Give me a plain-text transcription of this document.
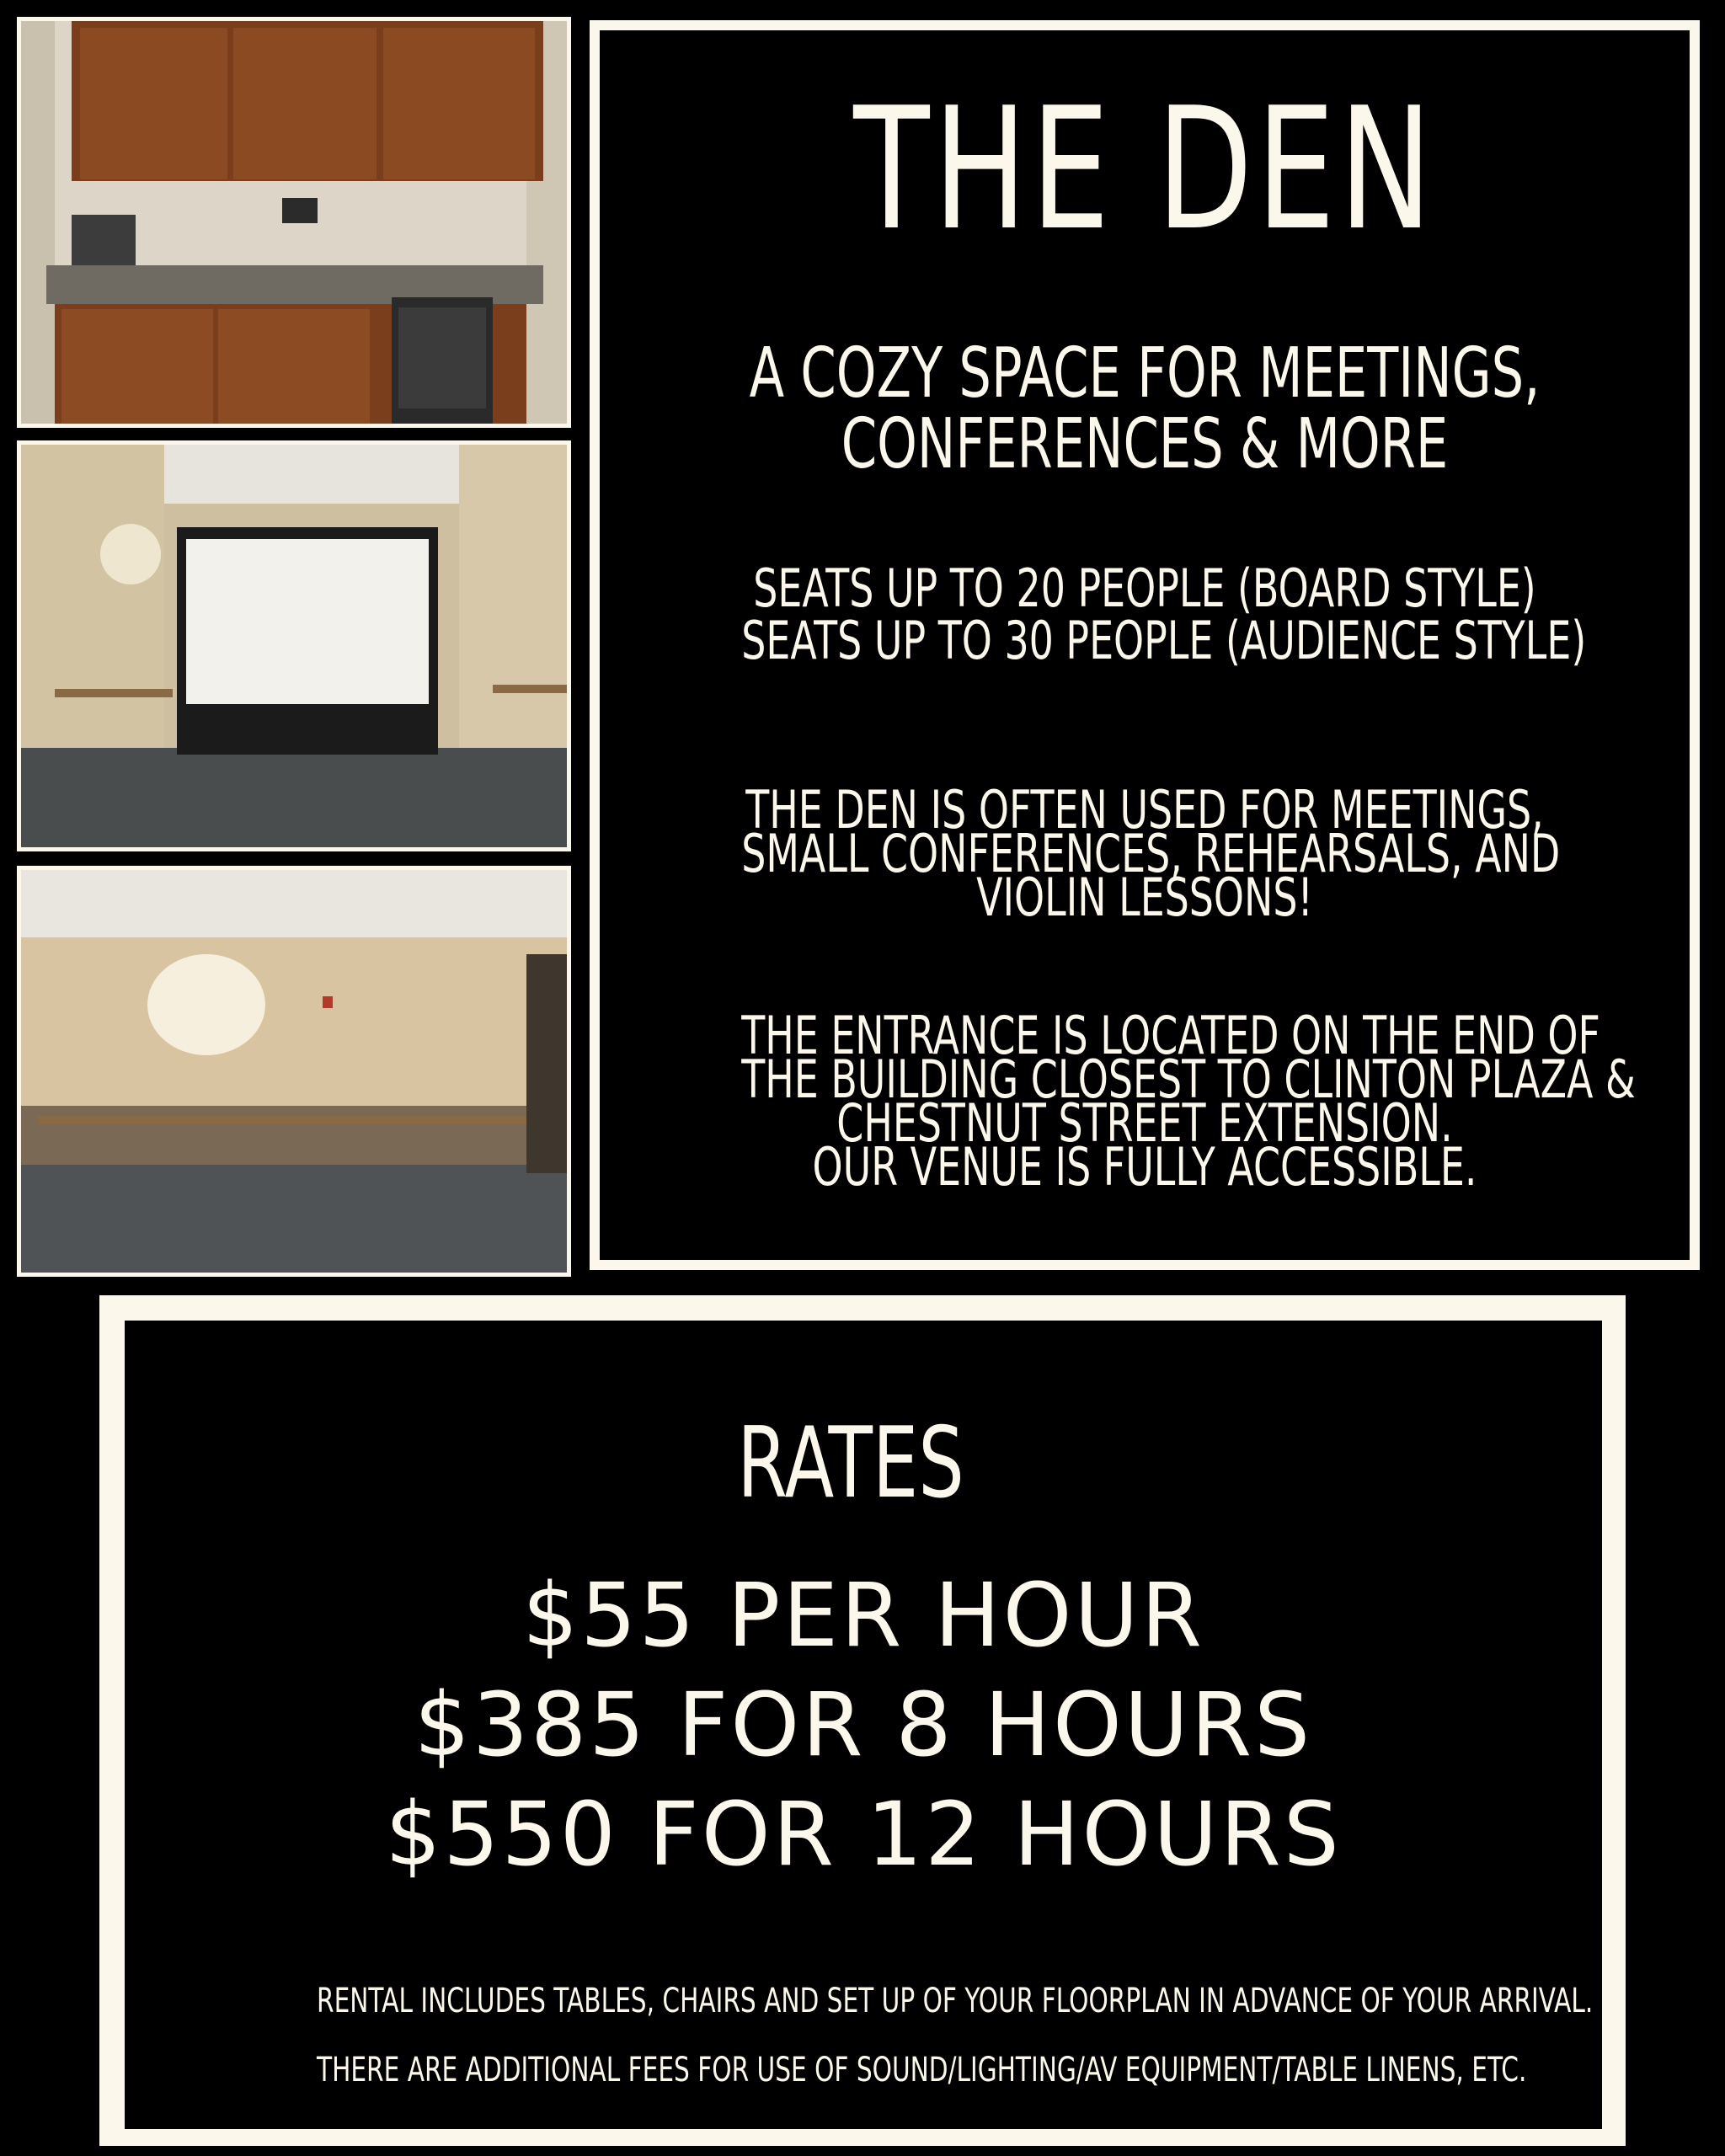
THE DEN
A COZY SPACE FOR MEETINGS,
CONFERENCES & MORE
SEATS UP TO 20 PEOPLE (BOARD STYLE)
SEATS UP TO 30 PEOPLE (AUDIENCE STYLE)
THE DEN IS OFTEN USED FOR MEETINGS,
SMALL CONFERENCES, REHEARSALS, AND
VIOLIN LESSONS!
THE ENTRANCE IS LOCATED ON THE END OF
THE BUILDING CLOSEST TO CLINTON PLAZA &
CHESTNUT STREET EXTENSION.
OUR VENUE IS FULLY ACCESSIBLE.
RATES
$55 PER HOUR
$385 FOR 8 HOURS
$550 FOR 12 HOURS
RENTAL INCLUDES TABLES, CHAIRS AND SET UP OF YOUR FLOORPLAN IN ADVANCE OF YOUR ARRIVAL.
THERE ARE ADDITIONAL FEES FOR USE OF SOUND/LIGHTING/AV EQUIPMENT/TABLE LINENS, ETC.
